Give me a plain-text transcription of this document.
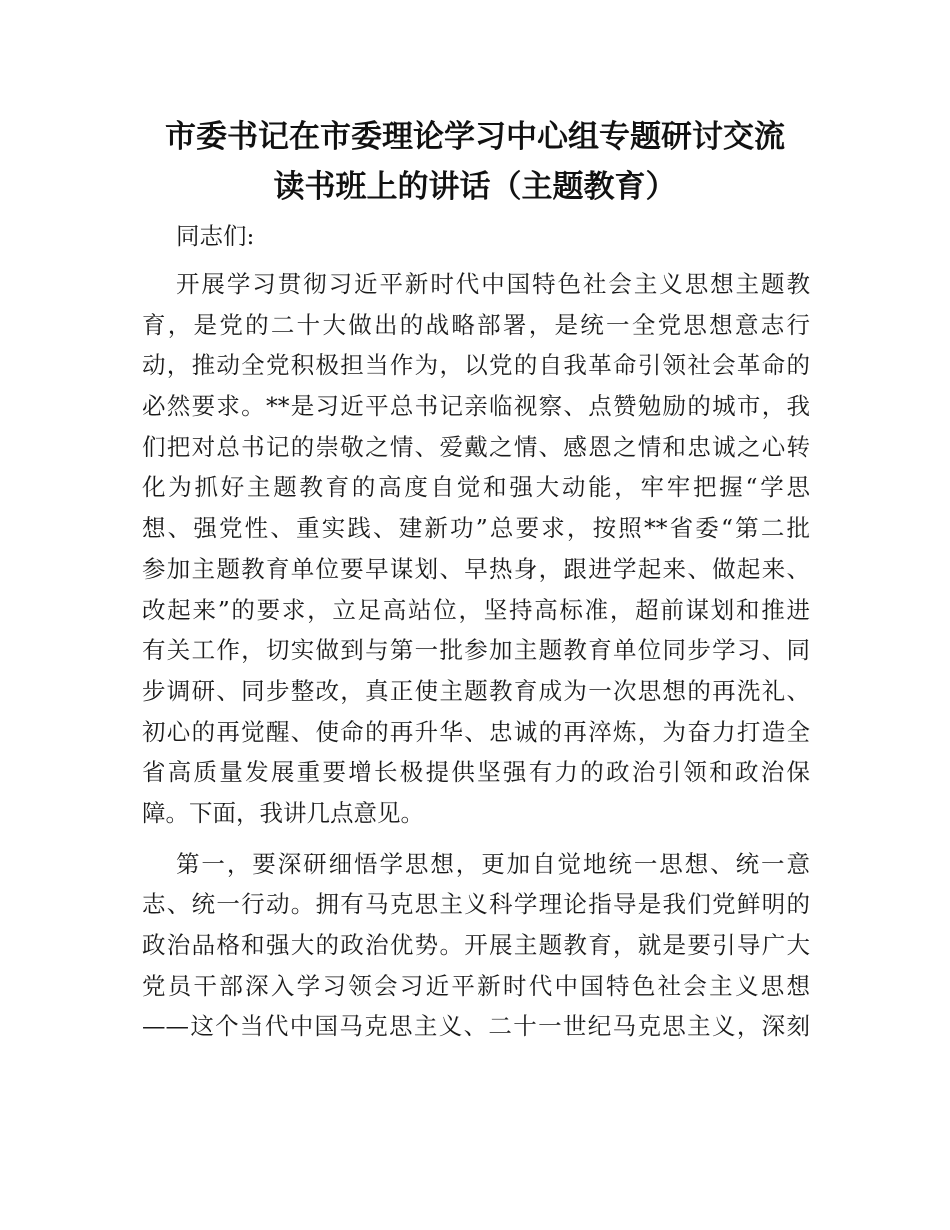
市委书记在市委理论学习中心组专题研讨交流
读书班上的讲话（主题教育）
同志们:
开展学习贯彻习近平新时代中国特色社会主义思想主题教
育，是党的二十大做出的战略部署，是统一全党思想意志行
动，推动全党积极担当作为，以党的自我革命引领社会革命的
必然要求。**是习近平总书记亲临视察、点赞勉励的城市，我
们把对总书记的崇敬之情、爱戴之情、感恩之情和忠诚之心转
化为抓好主题教育的高度自觉和强大动能，牢牢把握“学思
想、强党性、重实践、建新功”总要求，按照**省委“第二批
参加主题教育单位要早谋划、早热身，跟进学起来、做起来、
改起来”的要求，立足高站位，坚持高标准，超前谋划和推进
有关工作，切实做到与第一批参加主题教育单位同步学习、同
步调研、同步整改，真正使主题教育成为一次思想的再洗礼、
初心的再觉醒、使命的再升华、忠诚的再淬炼，为奋力打造全
省高质量发展重要增长极提供坚强有力的政治引领和政治保
障。下面，我讲几点意见。
第一，要深研细悟学思想，更加自觉地统一思想、统一意
志、统一行动。拥有马克思主义科学理论指导是我们党鲜明的
政治品格和强大的政治优势。开展主题教育，就是要引导广大
党员干部深入学习领会习近平新时代中国特色社会主义思想
——这个当代中国马克思主义、二十一世纪马克思主义，深刻
